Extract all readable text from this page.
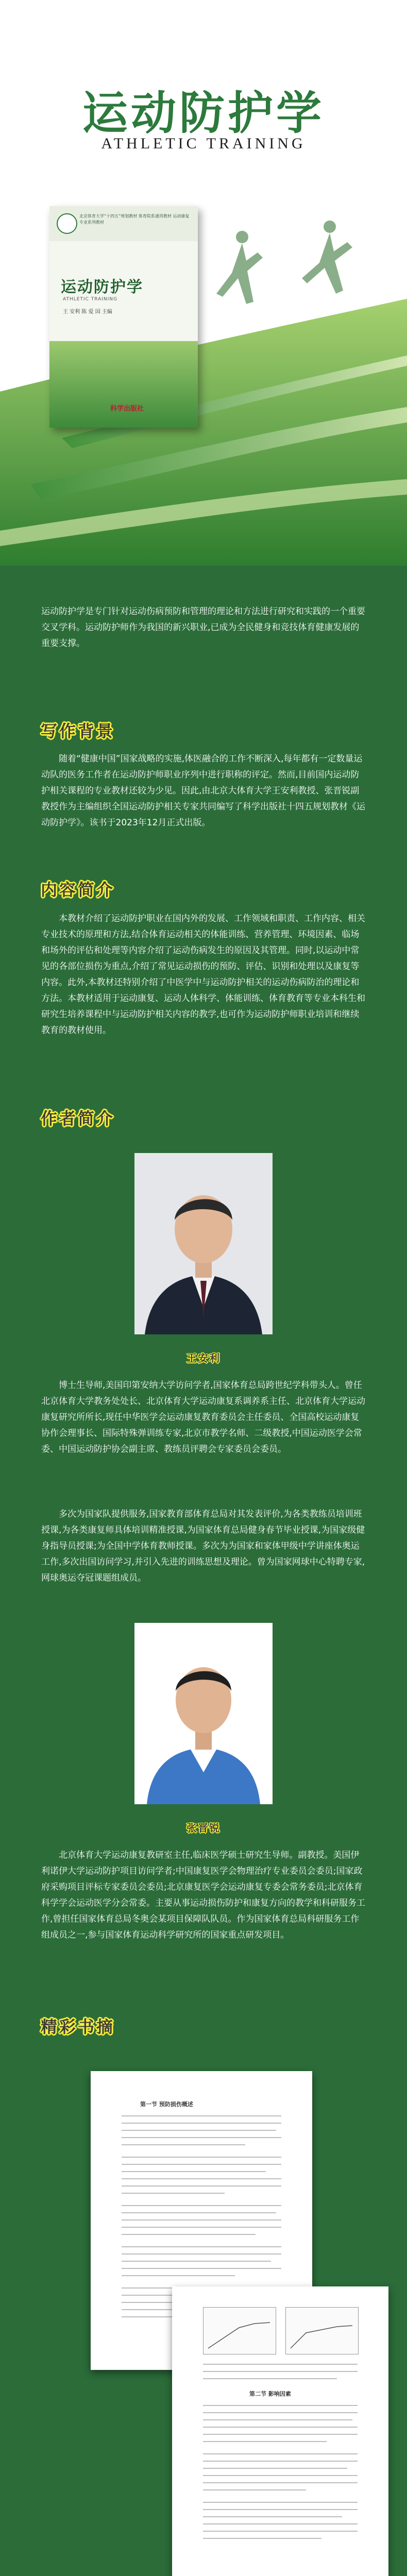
运动防护学
ATHLETIC TRAINING
北京体育大学“十四五”规划教材 体育院系通用教材 运动康复专业系列教材
运动防护学
ATHLETIC TRAINING
王 安利 陈 爱 国 主编
科学出版社
运动防护学是专门针对运动伤病预防和管理的理论和方法进行研究和实践的一个重要交叉学科。运动防护师作为我国的新兴职业,已成为全民健身和竞技体育健康发展的重要支撑。
写作背景
随着“健康中国”国家战略的实施,体医融合的工作不断深入,每年都有一定数量运动队的医务工作者在运动防护师职业序列中进行职称的评定。然而,目前国内运动防护相关课程的专业教材还较为少见。因此,由北京大体育大学王安利教授、张晋锐副教授作为主编组织全国运动防护相关专家共同编写了科学出版社十四五规划教材《运动防护学》。该书于2023年12月正式出版。
内容简介
本教材介绍了运动防护职业在国内外的发展、工作领域和职责、工作内容、相关专业技术的原理和方法,结合体育运动相关的体能训练、营养管理、环境因素、临场和场外的评估和处理等内容介绍了运动伤病发生的原因及其管理。同时,以运动中常见的各部位损伤为重点,介绍了常见运动损伤的预防、评估、识别和处理以及康复等内容。此外,本教材还特别介绍了中医学中与运动防护相关的运动伤病防治的理论和方法。本教材适用于运动康复、运动人体科学、体能训练、体育教育等专业本科生和研究生培养课程中与运动防护相关内容的教学,也可作为运动防护师职业培训和继续教育的教材使用。
作者简介
王安利
博士生导师,美国印第安纳大学访问学者,国家体育总局跨世纪学科带头人。曾任北京体育大学教务处处长、北京体育大学运动康复系调养系主任、北京体育大学运动康复研究所所长,现任中华医学会运动康复教育委员会主任委员、全国高校运动康复协作会理事长、国际特殊弹训练专家,北京市教学名师、二级教授,中国运动医学会常委、中国运动防护协会副主席、教练员评聘会专家委员会委员。
多次为国家队提供服务,国家教育部体育总局对其发表评价,为各类教练员培训班授课,为各类康复师具体培训精准授课,为国家体育总局健身春节毕业授课,为国家级健身指导员授课;为全国中学体育教师授课。多次为为国家和家体甲级中学讲座体奥运工作,多次出国访问学习,并引入先进的训练思想及理论。曾为国家网球中心特聘专家,网球奥运夺冠课题组成员。
张晋锐
北京体育大学运动康复教研室主任,临床医学硕士研究生导师。副教授。美国伊利诺伊大学运动防护项目访问学者;中国康复医学会物理治疗专业委员会委员;国家政府采购项目评标专家委员会委员;北京康复医学会运动康复专委会常务委员;北京体育科学学会运动医学分会常委。主要从事运动损伤防护和康复方向的教学和科研服务工作,曾担任国家体育总局冬奥会某项目保障队队员。作为国家体育总局科研服务工作组成员之一,参与国家体育运动科学研究所的国家重点研发项目。
精彩书摘
第一节 预防损伤概述
第二节 影响因素
